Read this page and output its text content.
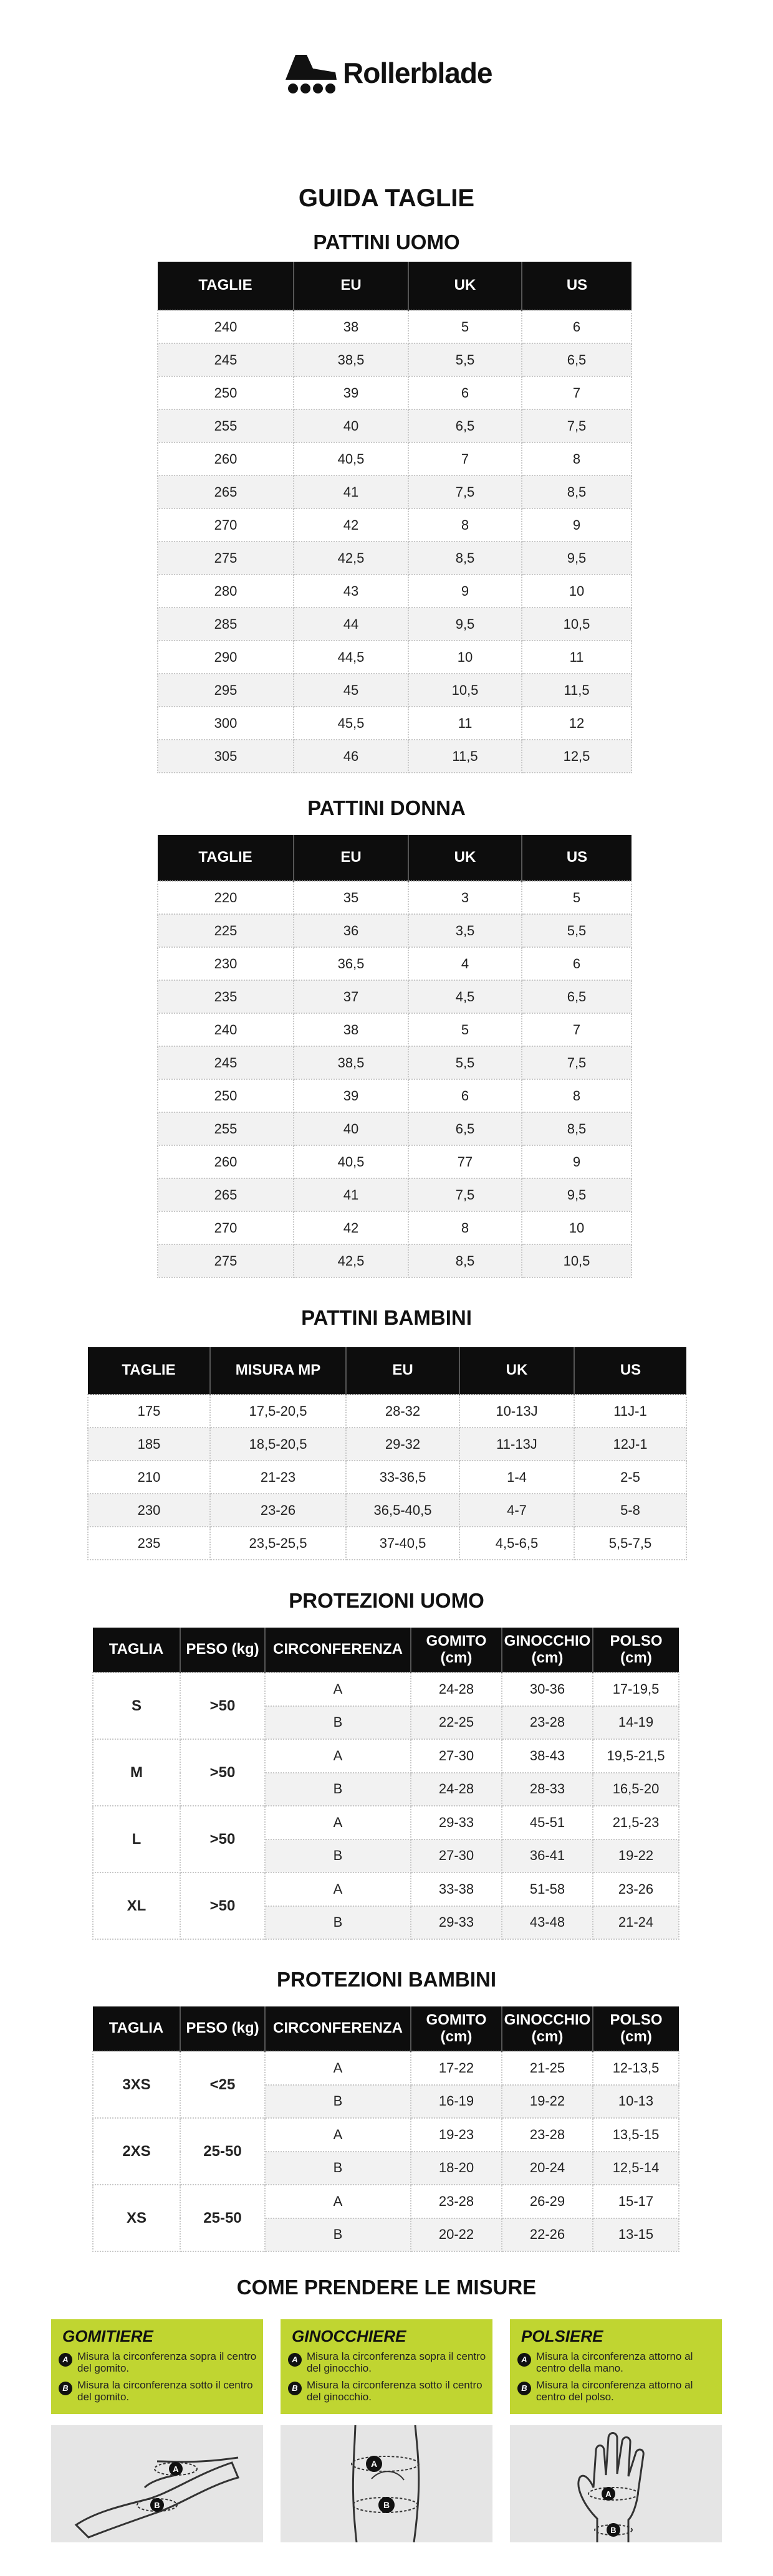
Rollerblade
GUIDA TAGLIE
PATTINI UOMO
TAGLIE	EU	UK	US
240	38	5	6
245	38,5	5,5	6,5
250	39	6	7
255	40	6,5	7,5
260	40,5	7	8
265	41	7,5	8,5
270	42	8	9
275	42,5	8,5	9,5
280	43	9	10
285	44	9,5	10,5
290	44,5	10	11
295	45	10,5	11,5
300	45,5	11	12
305	46	11,5	12,5
PATTINI DONNA
TAGLIE	EU	UK	US
220	35	3	5
225	36	3,5	5,5
230	36,5	4	6
235	37	4,5	6,5
240	38	5	7
245	38,5	5,5	7,5
250	39	6	8
255	40	6,5	8,5
260	40,5	77	9
265	41	7,5	9,5
270	42	8	10
275	42,5	8,5	10,5
PATTINI BAMBINI
TAGLIE	MISURA MP	EU	UK	US
175	17,5-20,5	28-32	10-13J	11J-1
185	18,5-20,5	29-32	11-13J	12J-1
210	21-23	33-36,5	1-4	2-5
230	23-26	36,5-40,5	4-7	5-8
235	23,5-25,5	37-40,5	4,5-6,5	5,5-7,5
PROTEZIONI UOMO
TAGLIA	PESO (kg)	CIRCONFERENZA	GOMITO (cm)	GINOCCHIO (cm)	POLSO (cm)
S	>50	A	24-28	30-36	17-19,5
		B	22-25	23-28	14-19
M	>50	A	27-30	38-43	19,5-21,5
		B	24-28	28-33	16,5-20
L	>50	A	29-33	45-51	21,5-23
		B	27-30	36-41	19-22
XL	>50	A	33-38	51-58	23-26
		B	29-33	43-48	21-24
PROTEZIONI BAMBINI
TAGLIA	PESO (kg)	CIRCONFERENZA	GOMITO (cm)	GINOCCHIO (cm)	POLSO (cm)
3XS	<25	A	17-22	21-25	12-13,5
		B	16-19	19-22	10-13
2XS	25-50	A	19-23	23-28	13,5-15
		B	18-20	20-24	12,5-14
XS	25-50	A	23-28	26-29	15-17
		B	20-22	22-26	13-15
COME PRENDERE LE MISURE
GOMITIERE
A Misura la circonferenza sopra il centro del gomito.
B Misura la circonferenza sotto il centro del gomito.
A
B
GINOCCHIERE
A Misura la circonferenza sopra il centro del ginocchio.
B Misura la circonferenza sotto il centro del ginocchio.
A
B
POLSIERE
A Misura la circonferenza attorno al centro della mano.
B Misura la circonferenza attorno al centro del polso.
A
B
